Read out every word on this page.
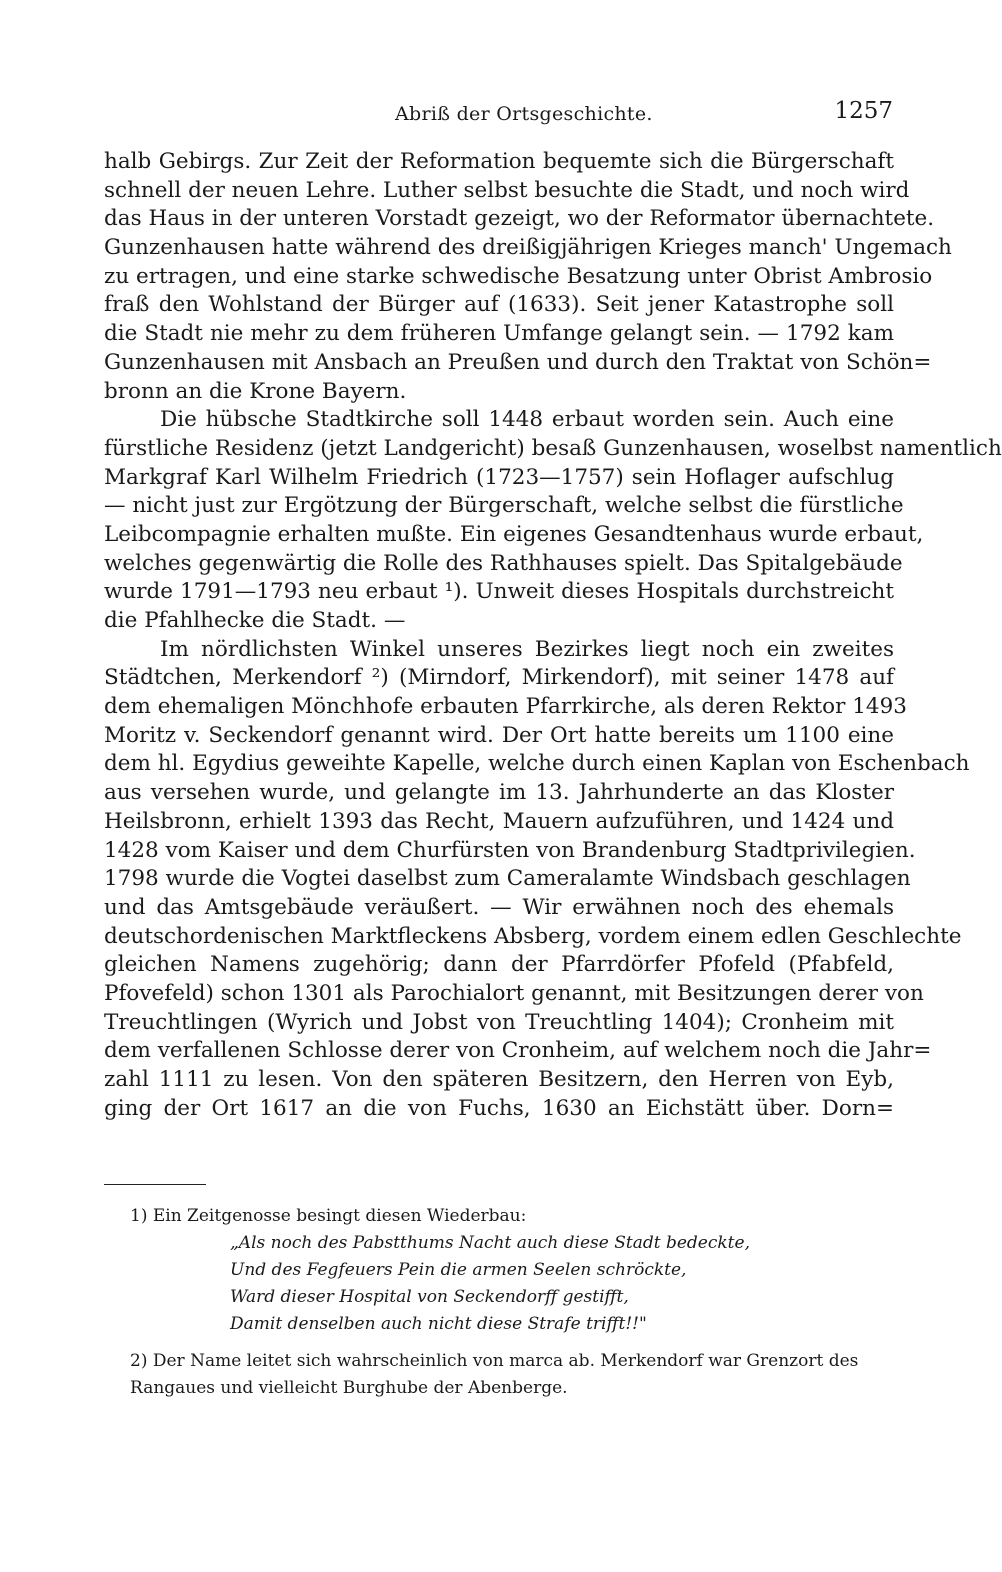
Abriß der Ortsgeschichte.	1257
halb Gebirgs. Zur Zeit der Reformation bequemte sich die Bürgerschaft
schnell der neuen Lehre. Luther selbst besuchte die Stadt, und noch wird
das Haus in der unteren Vorstadt gezeigt, wo der Reformator übernachtete.
Gunzenhausen hatte während des dreißigjährigen Krieges manch' Ungemach
zu ertragen, und eine starke schwedische Besatzung unter Obrist Ambrosio
fraß den Wohlstand der Bürger auf (1633). Seit jener Katastrophe soll
die Stadt nie mehr zu dem früheren Umfange gelangt sein. — 1792 kam
Gunzenhausen mit Ansbach an Preußen und durch den Traktat von Schön=
bronn an die Krone Bayern.
Die hübsche Stadtkirche soll 1448 erbaut worden sein. Auch eine
fürstliche Residenz (jetzt Landgericht) besaß Gunzenhausen, woselbst namentlich
Markgraf Karl Wilhelm Friedrich (1723—1757) sein Hoflager aufschlug
— nicht just zur Ergötzung der Bürgerschaft, welche selbst die fürstliche
Leibcompagnie erhalten mußte. Ein eigenes Gesandtenhaus wurde erbaut,
welches gegenwärtig die Rolle des Rathhauses spielt. Das Spitalgebäude
wurde 1791—1793 neu erbaut ¹). Unweit dieses Hospitals durchstreicht
die Pfahlhecke die Stadt. —
Im nördlichsten Winkel unseres Bezirkes liegt noch ein zweites
Städtchen, Merkendorf ²) (Mirndorf, Mirkendorf), mit seiner 1478 auf
dem ehemaligen Mönchhofe erbauten Pfarrkirche, als deren Rektor 1493
Moritz v. Seckendorf genannt wird. Der Ort hatte bereits um 1100 eine
dem hl. Egydius geweihte Kapelle, welche durch einen Kaplan von Eschenbach
aus versehen wurde, und gelangte im 13. Jahrhunderte an das Kloster
Heilsbronn, erhielt 1393 das Recht, Mauern aufzuführen, und 1424 und
1428 vom Kaiser und dem Churfürsten von Brandenburg Stadtprivilegien.
1798 wurde die Vogtei daselbst zum Cameralamte Windsbach geschlagen
und das Amtsgebäude veräußert. — Wir erwähnen noch des ehemals
deutschordenischen Marktfleckens Absberg, vordem einem edlen Geschlechte
gleichen Namens zugehörig; dann der Pfarrdörfer Pfofeld (Pfabfeld,
Pfovefeld) schon 1301 als Parochialort genannt, mit Besitzungen derer von
Treuchtlingen (Wyrich und Jobst von Treuchtling 1404); Cronheim mit
dem verfallenen Schlosse derer von Cronheim, auf welchem noch die Jahr=
zahl 1111 zu lesen. Von den späteren Besitzern, den Herren von Eyb,
ging der Ort 1617 an die von Fuchs, 1630 an Eichstätt über. Dorn=
1) Ein Zeitgenosse besingt diesen Wiederbau:
„Als noch des Pabstthums Nacht auch diese Stadt bedeckte,
Und des Fegfeuers Pein die armen Seelen schröckte,
Ward dieser Hospital von Seckendorff gestifft,
Damit denselben auch nicht diese Strafe trifft!!"
2) Der Name leitet sich wahrscheinlich von marca ab. Merkendorf war Grenzort des
Rangaues und vielleicht Burghube der Abenberge.
